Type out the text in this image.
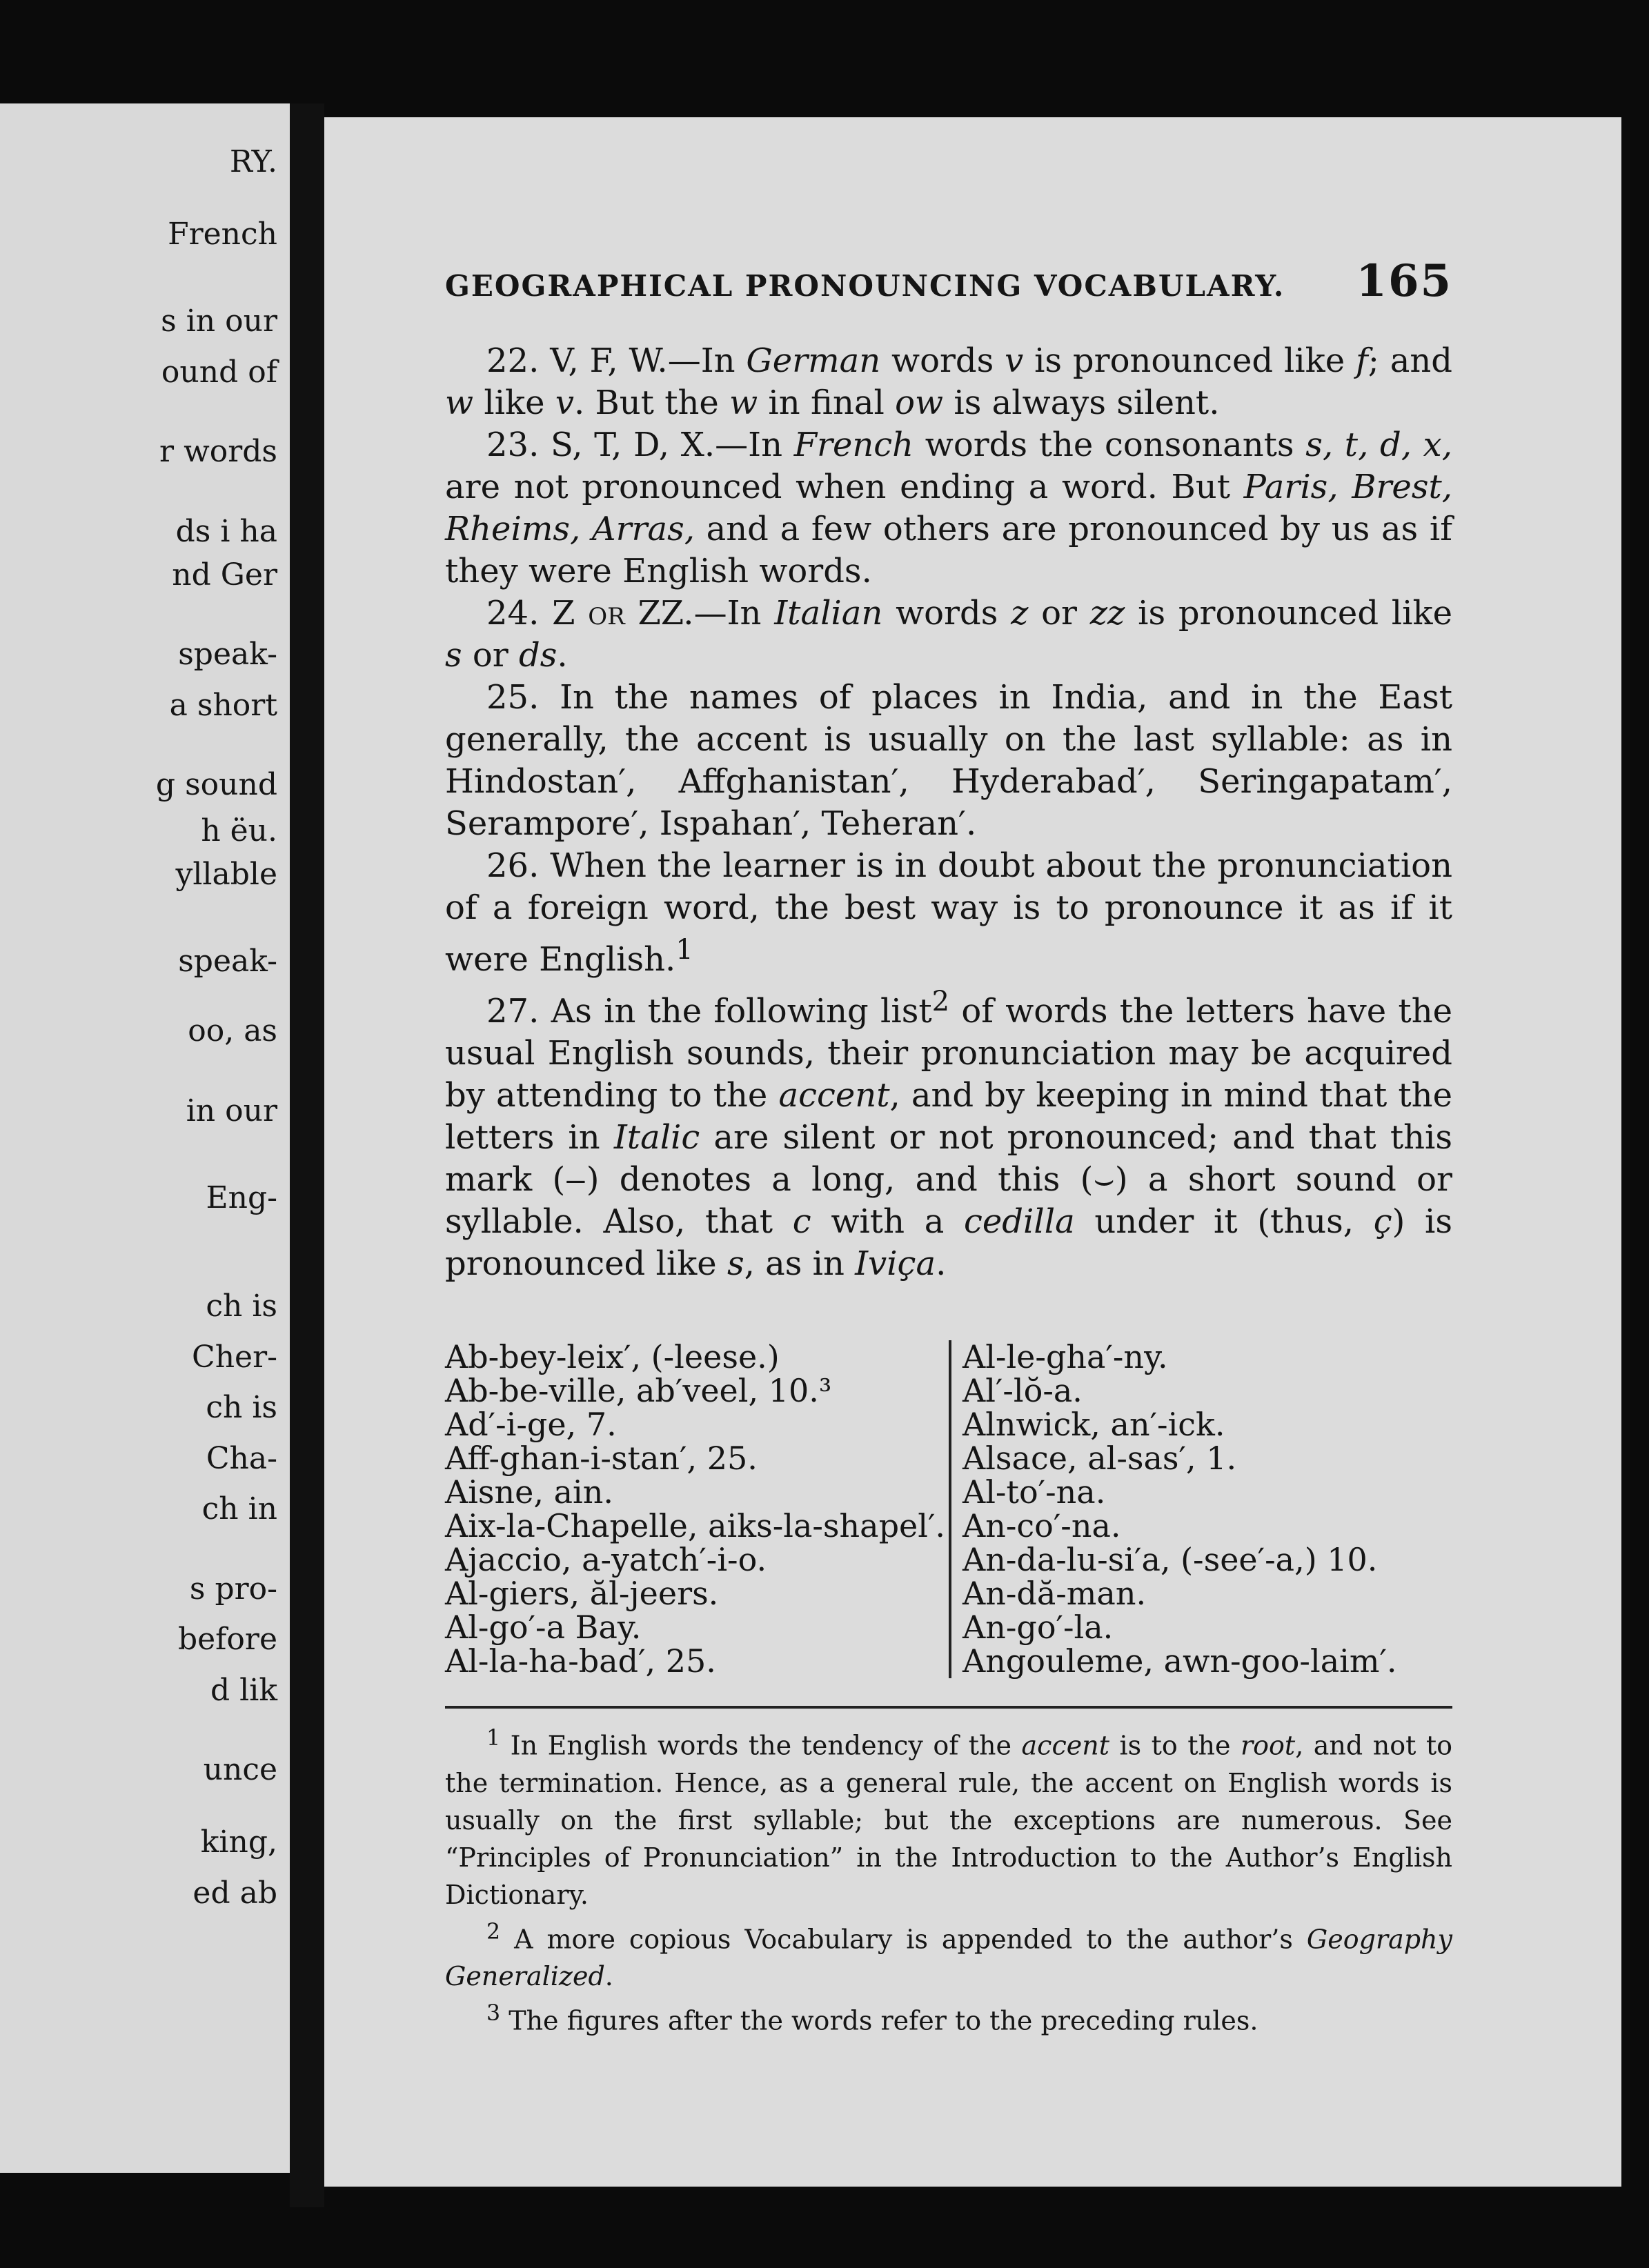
RY.
French
s in our
ound of
r words
ds i ha
nd Ger
speak-
a short
g sound
h ëu.
yllable
speak-
oo, as
in our
Eng-
ch is
Cher-
ch is
Cha-
ch in
s pro-
before
d lik
unce
king,
ed ab
GEOGRAPHICAL PRONOUNCING VOCABULARY. 165

22. V, F, W.—In German words v is pronounced like f; and w like v. But the w in final ow is always silent.

23. S, T, D, X.—In French words the consonants s, t, d, x, are not pronounced when ending a word. But Paris, Brest, Rheims, Arras, and a few others are pronounced by us as if they were English words.

24. Z or ZZ.—In Italian words z or zz is pronounced like s or ds.

25. In the names of places in India, and in the East generally, the accent is usually on the last syllable: as in Hindostan′, Affghanistan′, Hyderabad′, Seringapatam′, Serampore′, Ispahan′, Teheran′.

26. When the learner is in doubt about the pronunciation of a foreign word, the best way is to pronounce it as if it were English.$^1$

27. As in the following list$^2$ of words the letters have the usual English sounds, their pronunciation may be acquired by attending to the accent, and by keeping in mind that the letters in Italic are silent or not pronounced; and that this mark (‒) denotes a long, and this (⌣) a short sound or syllable. Also, that c with a cedilla under it (thus, ç) is pronounced like s, as in Iviça.

Ab-bey-leix′, (-leese.)
Ab-be-ville, ab′veel, 10.³
Ad′-i-ge, 7.
Aff-ghan-i-stan′, 25.
Aisne, ain.
Aix-la-Chapelle, aiks-la-shapel′.
Ajaccio, a-yatch′-i-o.
Al-giers, ăl-jeers.
Al-go′-a Bay.
Al-la-ha-bad′, 25.
Al-le-gha′-ny.
Al′-lŏ-a.
Alnwick, an′-ick.
Alsace, al-sas′, 1.
Al-to′-na.
An-co′-na.
An-da-lu-si′a, (-see′-a,) 10.
An-dă-man.
An-go′-la.
Angouleme, awn-goo-laim′.

$^1$ In English words the tendency of the accent is to the root, and not to the termination. Hence, as a general rule, the accent on English words is usually on the first syllable; but the exceptions are numerous. See “Principles of Pronunciation” in the Introduction to the Author’s English Dictionary.

$^2$ A more copious Vocabulary is appended to the author’s Geography Generalized.

$^3$ The figures after the words refer to the preceding rules.
